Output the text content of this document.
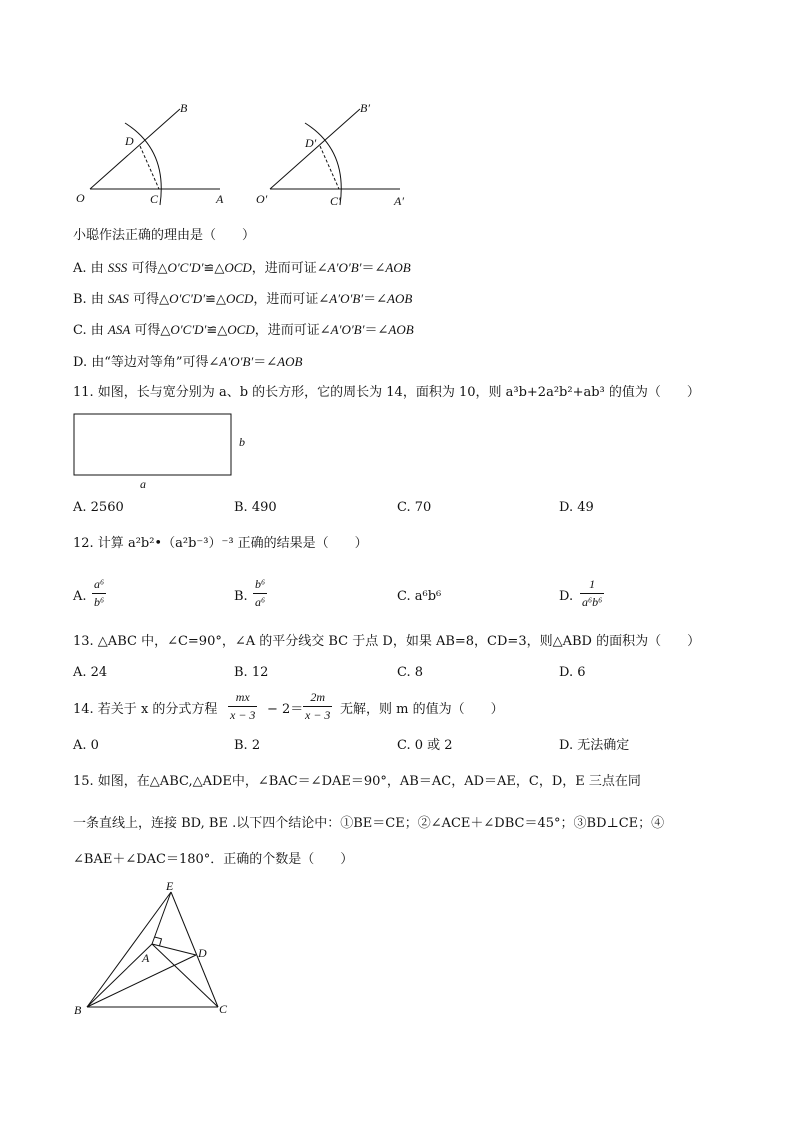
O	C	A
D
B
O′	C′	A′
D′
B′
小聪作法正确的理由是（　　）
A. 由 SSS 可得△O′C′D′≌△OCD，进而可证∠A′O′B′＝∠AOB
B. 由 SAS 可得△O′C′D′≌△OCD，进而可证∠A′O′B′＝∠AOB
C. 由 ASA 可得△O′C′D′≌△OCD，进而可证∠A′O′B′＝∠AOB
D. 由“等边对等角”可得∠A′O′B′＝∠AOB
11. 如图，长与宽分别为 a、b 的长方形，它的周长为 14，面积为 10，则 a³b+2a²b²+ab³ 的值为（　　）
b
a
A. 2560	B. 490	C. 70	D. 49
12. 计算 a²b²•（a²b⁻³）⁻³ 正确的结果是（　　）
A.
a⁶
b⁶	B.
b⁶
a⁶	C. a⁶b⁶	D.
1
a⁶b⁶
13. △ABC 中，∠C=90°，∠A 的平分线交 BC 于点 D，如果 AB=8，CD=3，则△ABD 的面积为（　　）
A. 24	B. 12	C. 8	D. 6
14. 若关于 x 的分式方程
mx
x − 3 − 2＝
2m
x − 3 无解，则 m 的值为（　　）
A. 0	B. 2	C. 0 或 2	D. 无法确定
15. 如图，在△ABC,△ADE中，∠BAC＝∠DAE＝90°，AB＝AC，AD＝AE，C，D，E 三点在同
一条直线上，连接 BD, BE .以下四个结论中：①BE＝CE；②∠ACE＋∠DBC＝45°；③BD⊥CE；④
∠BAE＋∠DAC＝180°．正确的个数是（　　）
E
A	D
B	C
